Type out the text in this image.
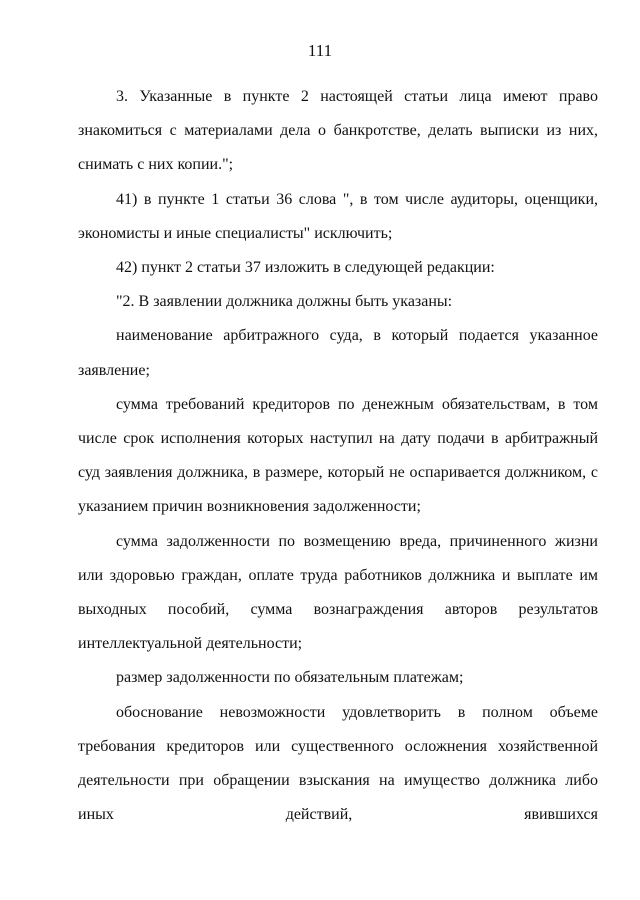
111

3. Указанные в пункте 2 настоящей статьи лица имеют право знакомиться с материалами дела о банкротстве, делать выписки из них, снимать с них копии.";

41) в пункте 1 статьи 36 слова ", в том числе аудиторы, оценщики, экономисты и иные специалисты" исключить;

42) пункт 2 статьи 37 изложить в следующей редакции:

"2. В заявлении должника должны быть указаны:

наименование арбитражного суда, в который подается указанное заявление;

сумма требований кредиторов по денежным обязательствам, в том числе срок исполнения которых наступил на дату подачи в арбитражный суд заявления должника, в размере, который не оспаривается должником, с указанием причин возникновения задолженности;

сумма задолженности по возмещению вреда, причиненного жизни или здоровью граждан, оплате труда работников должника и выплате им выходных пособий, сумма вознаграждения авторов результатов интеллектуальной деятельности;

размер задолженности по обязательным платежам;

обоснование невозможности удовлетворить в полном объеме требования кредиторов или существенного осложнения хозяйственной деятельности при обращении взыскания на имущество должника либо иных действий, явившихся
